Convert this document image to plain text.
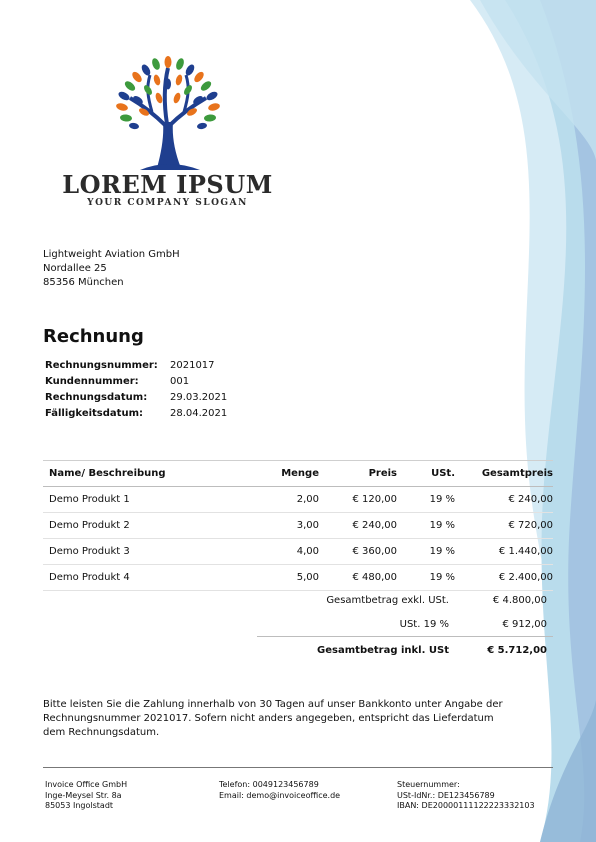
LOREM IPSUM
YOUR COMPANY SLOGAN
Lightweight Aviation GmbH
Nordallee 25
85356 München
Rechnung
Rechnungsnummer:	2021017
Kundennummer:	001
Rechnungsdatum:	29.03.2021
Fälligkeitsdatum:	28.04.2021
Name/ Beschreibung	Menge	Preis	USt.	Gesamtpreis
Demo Produkt 1	2,00	€ 120,00	19 %	€ 240,00
Demo Produkt 2	3,00	€ 240,00	19 %	€ 720,00
Demo Produkt 3	4,00	€ 360,00	19 %	€ 1.440,00
Demo Produkt 4	5,00	€ 480,00	19 %	€ 2.400,00
Gesamtbetrag exkl. USt.	€ 4.800,00
USt. 19 %	€ 912,00
Gesamtbetrag inkl. USt	€ 5.712,00
Bitte leisten Sie die Zahlung innerhalb von 30 Tagen auf unser Bankkonto unter Angabe der Rechnungsnummer 2021017. Sofern nicht anders angegeben, entspricht das Lieferdatum dem Rechnungsdatum.
Invoice Office GmbH
Inge-Meysel Str. 8a
85053 Ingolstadt
Telefon: 0049123456789
Email: demo@invoiceoffice.de
Steuernummer:
USt-IdNr.: DE123456789
IBAN: DE20000111122223332103
